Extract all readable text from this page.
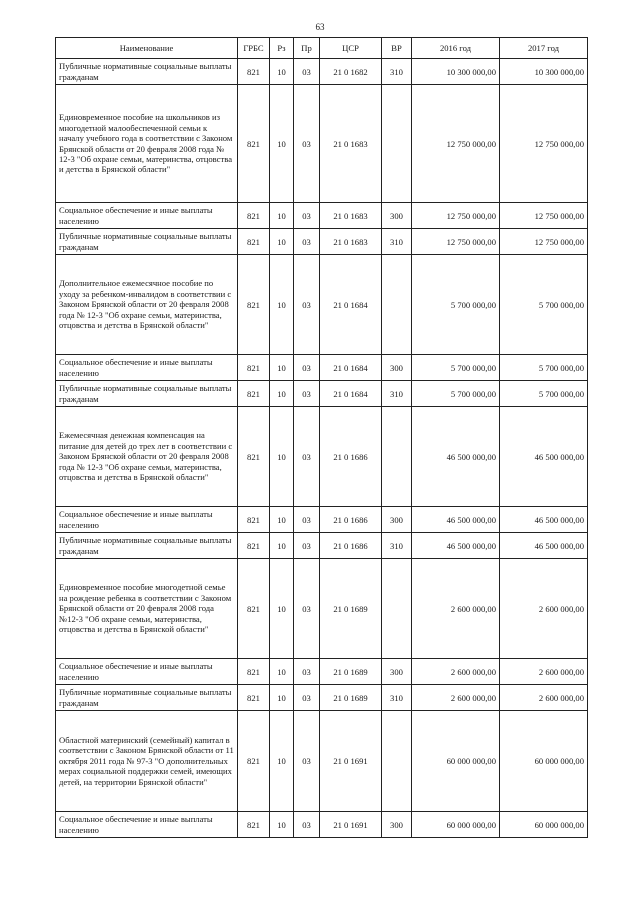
63
Наименование	ГРБС	Рз	Пр	ЦСР	ВР	2016 год	2017 год
Публичные нормативные социальные выплаты гражданам	821	10	03	21 0 1682	310	10 300 000,00	10 300 000,00
Единовременное пособие на школьников из многодетной малообеспеченной семьи к началу учебного года в соответствии с Законом Брянской области от 20 февраля 2008 года № 12-3 "Об охране семьи, материнства, отцовства и детства в Брянской области"	821	10	03	21 0 1683		12 750 000,00	12 750 000,00
Социальное обеспечение и иные выплаты населению	821	10	03	21 0 1683	300	12 750 000,00	12 750 000,00
Публичные нормативные социальные выплаты гражданам	821	10	03	21 0 1683	310	12 750 000,00	12 750 000,00
Дополнительное ежемесячное пособие по уходу за ребенком-инвалидом в соответствии с Законом Брянской области от 20 февраля 2008 года № 12-3 "Об охране семьи, материнства, отцовства и детства в Брянской области"	821	10	03	21 0 1684		5 700 000,00	5 700 000,00
Социальное обеспечение и иные выплаты населению	821	10	03	21 0 1684	300	5 700 000,00	5 700 000,00
Публичные нормативные социальные выплаты гражданам	821	10	03	21 0 1684	310	5 700 000,00	5 700 000,00
Ежемесячная денежная компенсация на питание для детей до трех лет в соответствии с Законом Брянской области от 20 февраля 2008 года № 12-3 "Об охране семьи, материнства, отцовства и детства в Брянской области"	821	10	03	21 0 1686		46 500 000,00	46 500 000,00
Социальное обеспечение и иные выплаты населению	821	10	03	21 0 1686	300	46 500 000,00	46 500 000,00
Публичные нормативные социальные выплаты гражданам	821	10	03	21 0 1686	310	46 500 000,00	46 500 000,00
Единовременное пособие многодетной семье на рождение ребенка в соответствии с Законом Брянской области от 20 февраля 2008 года №12-3 "Об охране семьи, материнства, отцовства и детства в Брянской области"	821	10	03	21 0 1689		2 600 000,00	2 600 000,00
Социальное обеспечение и иные выплаты населению	821	10	03	21 0 1689	300	2 600 000,00	2 600 000,00
Публичные нормативные социальные выплаты гражданам	821	10	03	21 0 1689	310	2 600 000,00	2 600 000,00
Областной материнский (семейный) капитал в соответствии с Законом Брянской области от 11 октября 2011 года № 97-3 "О дополнительных мерах социальной поддержки семей, имеющих детей, на территории Брянской области"	821	10	03	21 0 1691		60 000 000,00	60 000 000,00
Социальное обеспечение и иные выплаты населению	821	10	03	21 0 1691	300	60 000 000,00	60 000 000,00
